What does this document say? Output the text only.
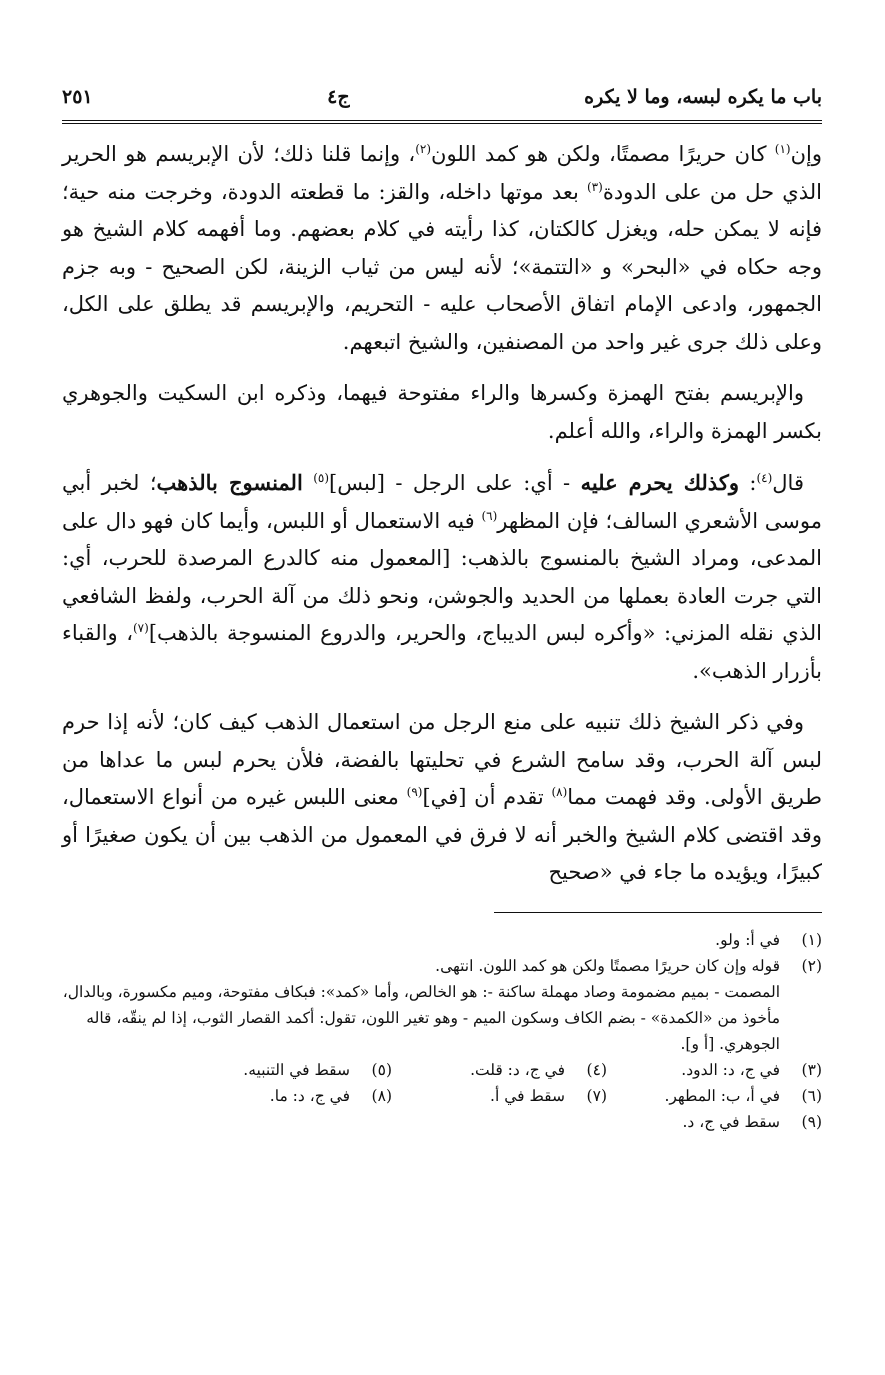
باب ما يكره لبسه، وما لا يكره
ج٤
٢٥١

وإن$^{(١)}$ كان حريرًا مصمتًا، ولكن هو كمد اللون$^{(٢)}$، وإنما قلنا ذلك؛ لأن الإبريسم هو الحرير الذي حل من على الدودة$^{(٣)}$ بعد موتها داخله، والقز: ما قطعته الدودة، وخرجت منه حية؛ فإنه لا يمكن حله، ويغزل كالكتان، كذا رأيته في كلام بعضهم. وما أفهمه كلام الشيخ هو وجه حكاه في «البحر» و «التتمة»؛ لأنه ليس من ثياب الزينة، لكن الصحيح - وبه جزم الجمهور، وادعى الإمام اتفاق الأصحاب عليه - التحريم، والإبريسم قد يطلق على الكل، وعلى ذلك جرى غير واحد من المصنفين، والشيخ اتبعهم.

والإبريسم بفتح الهمزة وكسرها والراء مفتوحة فيهما، وذكره ابن السكيت والجوهري بكسر الهمزة والراء، والله أعلم.

قال$^{(٤)}$: وكذلك يحرم عليه - أي: على الرجل - [لبس]$^{(٥)}$ المنسوج بالذهب؛ لخبر أبي موسى الأشعري السالف؛ فإن المظهر$^{(٦)}$ فيه الاستعمال أو اللبس، وأيما كان فهو دال على المدعى، ومراد الشيخ بالمنسوج بالذهب: [المعمول منه كالدرع المرصدة للحرب، أي: التي جرت العادة بعملها من الحديد والجوشن، ونحو ذلك من آلة الحرب، ولفظ الشافعي الذي نقله المزني: «وأكره لبس الديباج، والحرير، والدروع المنسوجة بالذهب]$^{(٧)}$، والقباء بأزرار الذهب».

وفي ذكر الشيخ ذلك تنبيه على منع الرجل من استعمال الذهب كيف كان؛ لأنه إذا حرم لبس آلة الحرب، وقد سامح الشرع في تحليتها بالفضة، فلأن يحرم لبس ما عداها من طريق الأولى. وقد فهمت مما$^{(٨)}$ تقدم أن [في]$^{(٩)}$ معنى اللبس غيره من أنواع الاستعمال، وقد اقتضى كلام الشيخ والخبر أنه لا فرق في المعمول من الذهب بين أن يكون صغيرًا أو كبيرًا، ويؤيده ما جاء في «صحيح

(١)
في أ: ولو.
(٢)
قوله وإن كان حريرًا مصمتًا ولكن هو كمد اللون. انتهى.
المصمت - بميم مضمومة وصاد مهملة ساكنة -: هو الخالص، وأما «كمد»: فبكاف مفتوحة، وميم مكسورة، وبالدال، مأخوذ من «الكمدة» - بضم الكاف وسكون الميم - وهو تغير اللون، تقول: أكمد القصار الثوب، إذا لم ينقّه، قاله الجوهري. [أ و].
(٣)
في ج، د: الدود.
(٤)
في ج، د: قلت.
(٥)
سقط في التنبيه.
(٦)
في أ، ب: المطهر.
(٧)
سقط في أ.
(٨)
في ج، د: ما.
(٩)
سقط في ج، د.
